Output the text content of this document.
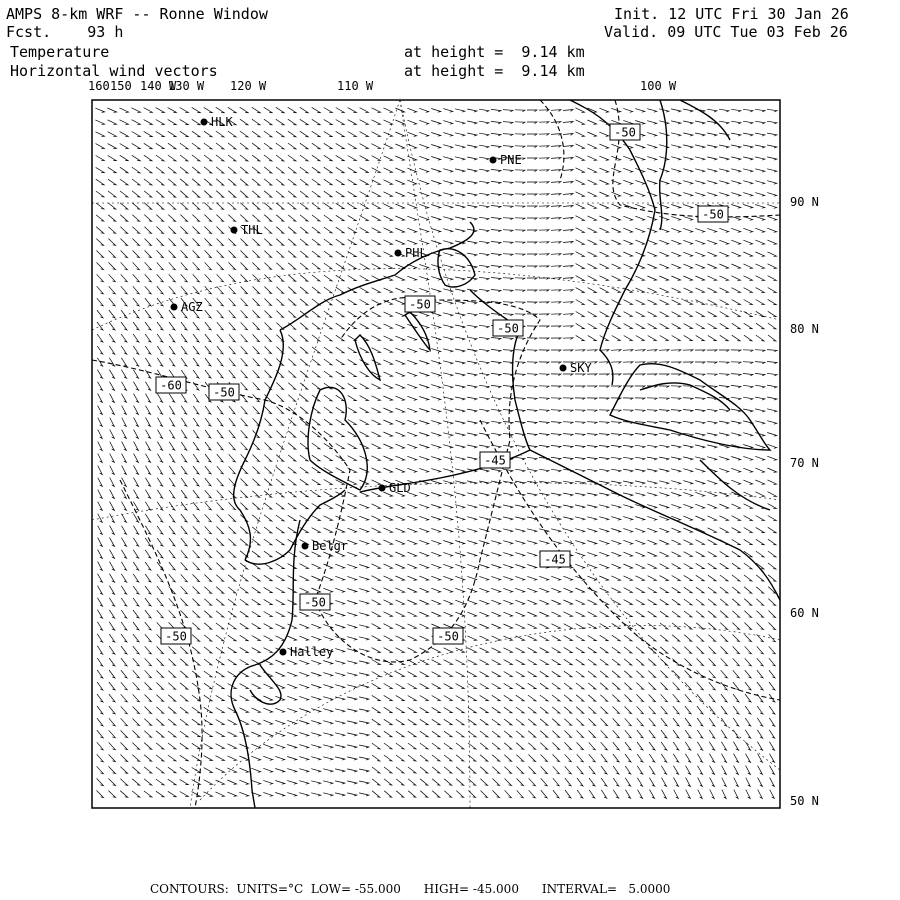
AMPS 8-km WRF -- Ronne Window	Init. 12 UTC Fri 30 Jan 26
Fcst.    93 h	Valid. 09 UTC Tue 03 Feb 26
Temperature	at height =  9.14 km
Horizontal wind vectors	at height =  9.14 km
HLK
PNE
THL
PHL
AGZ
GLD
Belgr
Halley
SKY
-50
-50
-50
-50
-60	-50
-45
-45
-50
-50	-50
160 150 140 W
130 W 120 W	110 W	100 W
90 N
80 N
70 N
60 N
50 N
CONTOURS:  UNITS=°C  LOW= -55.000      HIGH= -45.000      INTERVAL=   5.0000
